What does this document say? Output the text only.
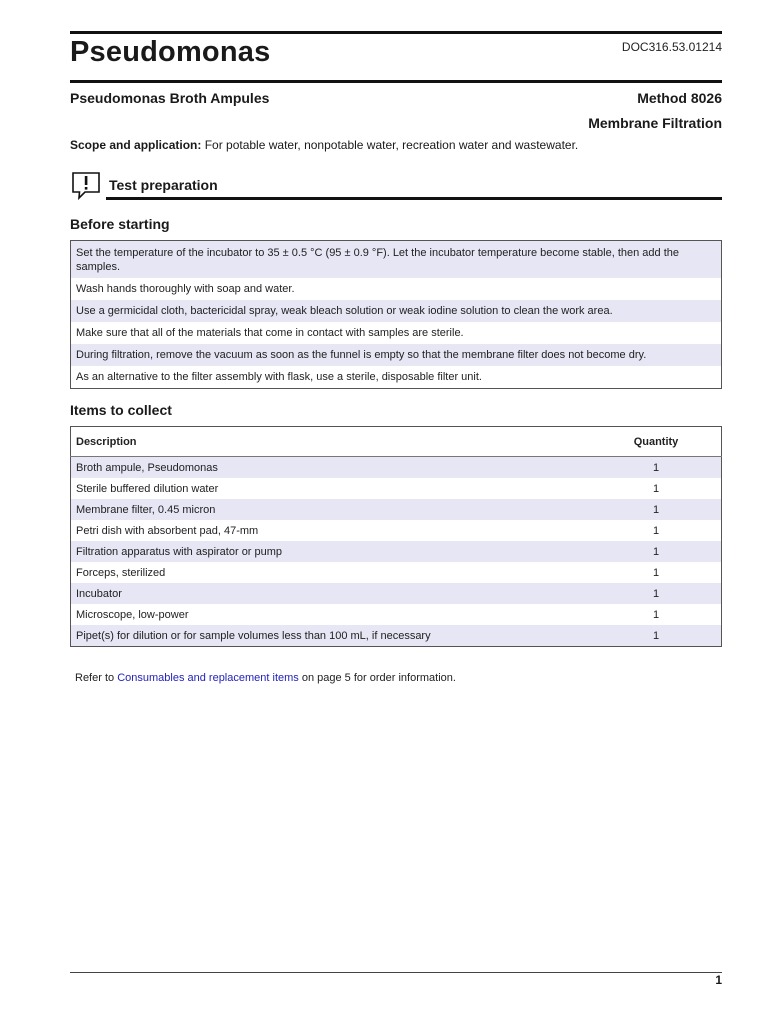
Pseudomonas	DOC316.53.01214
Pseudomonas Broth Ampules	Method 8026
Membrane Filtration
Scope and application: For potable water, nonpotable water, recreation water and wastewater.
Test preparation
Before starting
Set the temperature of the incubator to 35 ± 0.5 °C (95 ± 0.9 °F). Let the incubator temperature become stable, then add the samples.
Wash hands thoroughly with soap and water.
Use a germicidal cloth, bactericidal spray, weak bleach solution or weak iodine solution to clean the work area.
Make sure that all of the materials that come in contact with samples are sterile.
During filtration, remove the vacuum as soon as the funnel is empty so that the membrane filter does not become dry.
As an alternative to the filter assembly with flask, use a sterile, disposable filter unit.
Items to collect
Description	Quantity
Broth ampule, Pseudomonas	1
Sterile buffered dilution water	1
Membrane filter, 0.45 micron	1
Petri dish with absorbent pad, 47-mm	1
Filtration apparatus with aspirator or pump	1
Forceps, sterilized	1
Incubator	1
Microscope, low-power	1
Pipet(s) for dilution or for sample volumes less than 100 mL, if necessary	1
Refer to Consumables and replacement items on page 5 for order information.
1
